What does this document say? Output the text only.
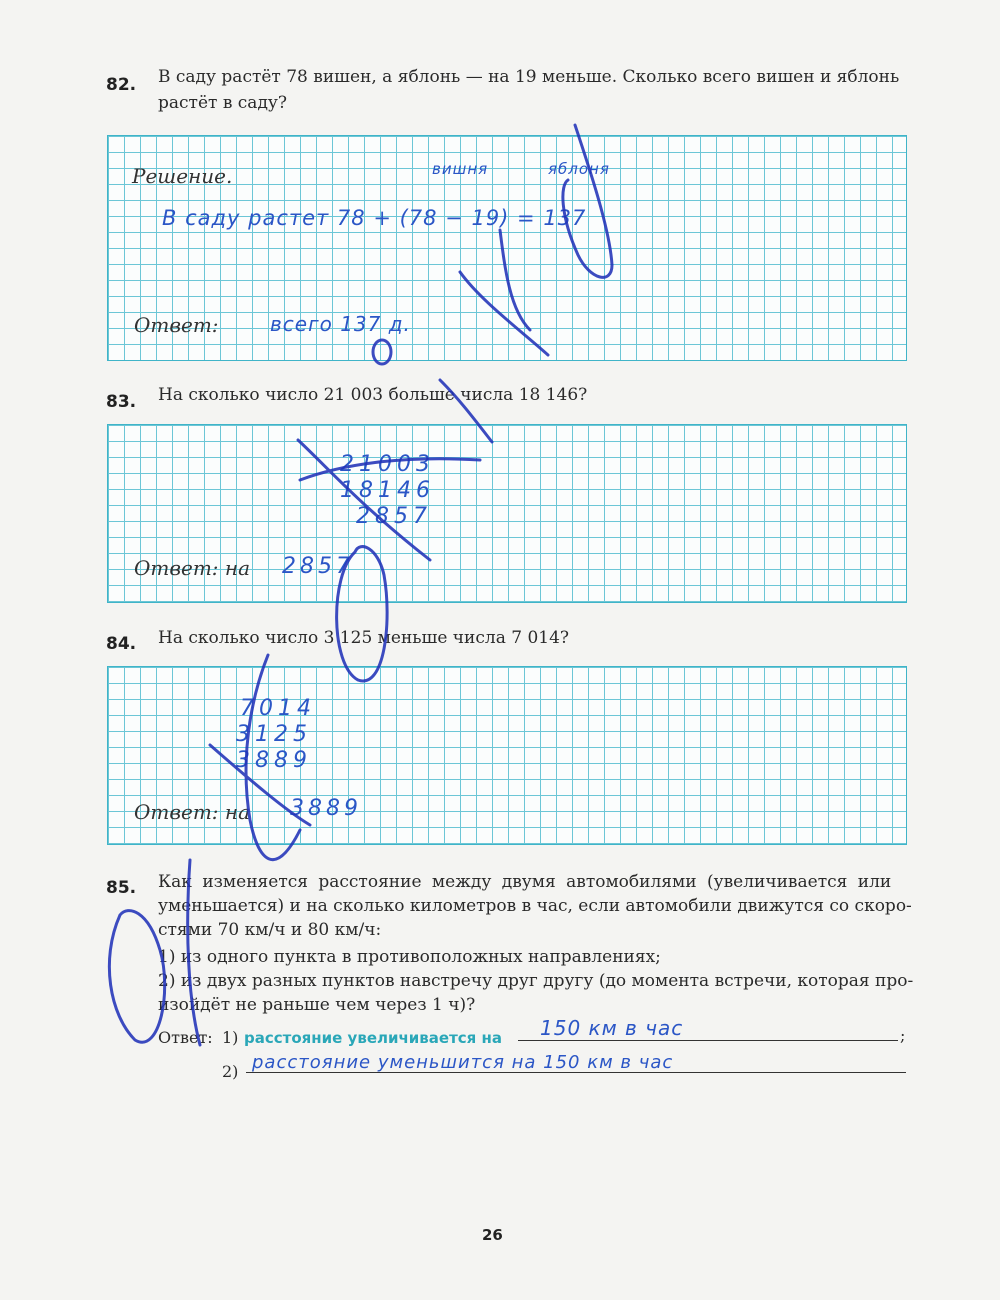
82. В саду растёт 78 вишен, а яблонь — на 19 меньше. Сколько всего вишен и яблонь
растёт в саду?
Решение.	вишня	яблоня
В саду растет 78 + (78 − 19) = 137
Ответ:	всего 137 д.
83. На сколько число 21 003 больше числа 18 146?
21003
18146
2857
Ответ: на 2857
84. На сколько число 3 125 меньше числа 7 014?
7014
3125
3889
Ответ: на 3889
85. Как изменяется расстояние между двумя автомобилями (увеличивается или
уменьшается) и на сколько километров в час, если автомобили движутся со скоро-
стями 70 км/ч и 80 км/ч:
1) из одного пункта в противоположных направлениях;
2) из двух разных пунктов навстречу друг другу (до момента встречи, которая про-
изойдёт не раньше чем через 1 ч)?
Ответ: 1) расстояние увеличивается на 150 км в час	;
2) расстояние уменьшится на 150 км в час
26
